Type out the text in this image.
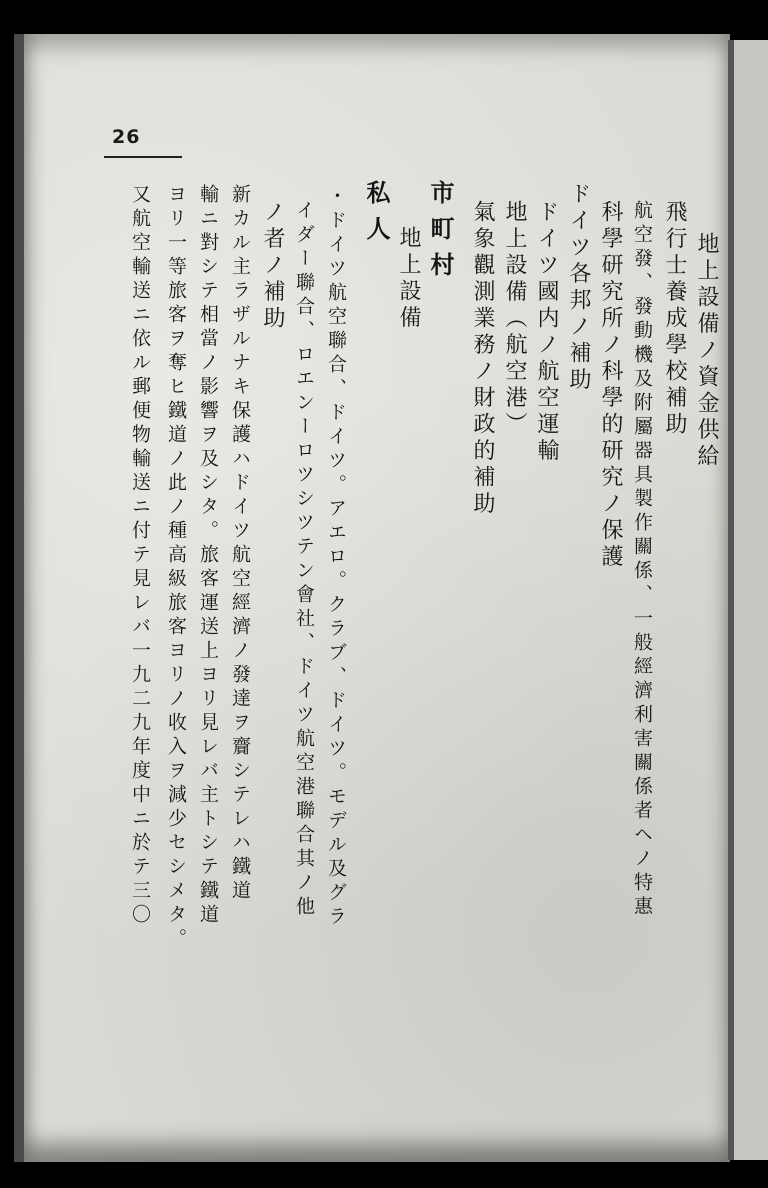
26
地上設備ノ資金供給
飛行士養成學校補助
航空發、發動機及附屬器具製作關係、一般經濟利害關係者ヘノ特惠
科學研究所ノ科學的研究ノ保護
ドイツ各邦ノ補助
ドイツ國内ノ航空運輸
地上設備（航空港）
氣象觀測業務ノ財政的補助
市町村
地上設備
私人
・ドイツ航空聯合、ドイツ。アエロ。クラブ、ドイツ。モデル及グラ
イダー聯合、ロエンーロツシツテン會社、ドイツ航空港聯合其ノ他
ノ者ノ補助
新カル主ラザルナキ保護ハドイツ航空經濟ノ發達ヲ齎シテレハ鐵道
輸ニ對シテ相當ノ影響ヲ及シタ。旅客運送上ヨリ見レバ主トシテ鐵道
ヨリ一等旅客ヲ奪ヒ鐵道ノ此ノ種高級旅客ヨリノ收入ヲ減少セシメタ。
又航空輸送ニ依ル郵便物輸送ニ付テ見レバ一九二九年度中ニ於テ三〇
